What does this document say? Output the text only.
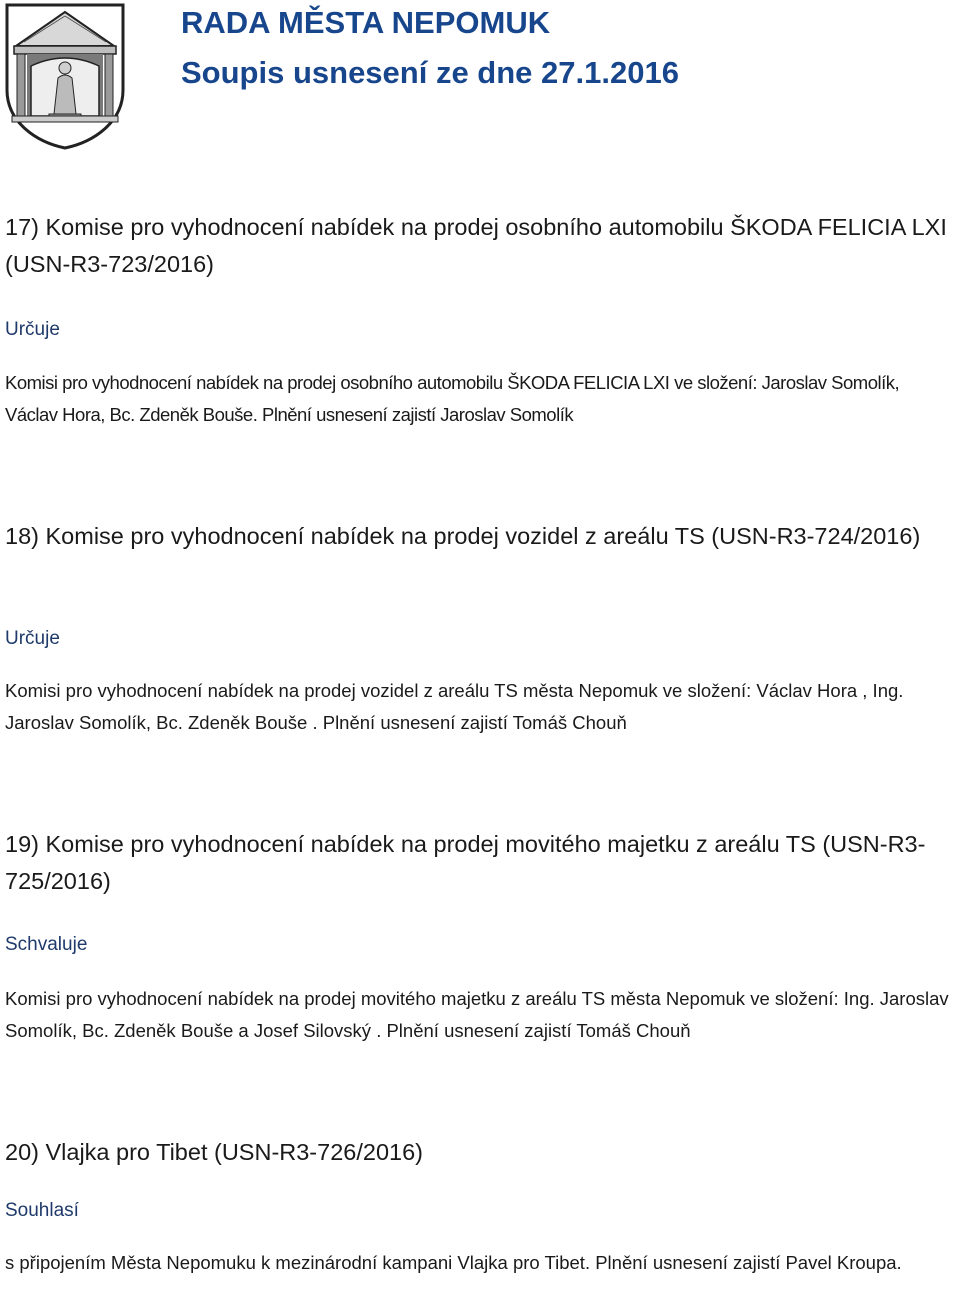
RADA MĚSTA NEPOMUK
Soupis usnesení ze dne 27.1.2016
17) Komise pro vyhodnocení nabídek na prodej osobního automobilu ŠKODA FELICIA LXI (USN-R3-723/2016)

Určuje

Komisi pro vyhodnocení nabídek na prodej osobního automobilu ŠKODA FELICIA LXI ve složení: Jaroslav Somolík, Václav Hora, Bc. Zdeněk Bouše. Plnění usnesení zajistí Jaroslav Somolík

18) Komise pro vyhodnocení nabídek na prodej vozidel z areálu TS (USN-R3-724/2016)

Určuje

Komisi pro vyhodnocení nabídek na prodej vozidel z areálu TS města Nepomuk ve složení: Václav Hora , Ing. Jaroslav Somolík, Bc. Zdeněk Bouše . Plnění usnesení zajistí Tomáš Chouň

19) Komise pro vyhodnocení nabídek na prodej movitého majetku z areálu TS (USN-R3-725/2016)

Schvaluje

Komisi pro vyhodnocení nabídek na prodej movitého majetku z areálu TS města Nepomuk ve složení: Ing. Jaroslav Somolík, Bc. Zdeněk Bouše a Josef Silovský . Plnění usnesení zajistí Tomáš Chouň

20) Vlajka pro Tibet (USN-R3-726/2016)

Souhlasí

s připojením Města Nepomuku k mezinárodní kampani Vlajka pro Tibet. Plnění usnesení zajistí Pavel Kroupa.
